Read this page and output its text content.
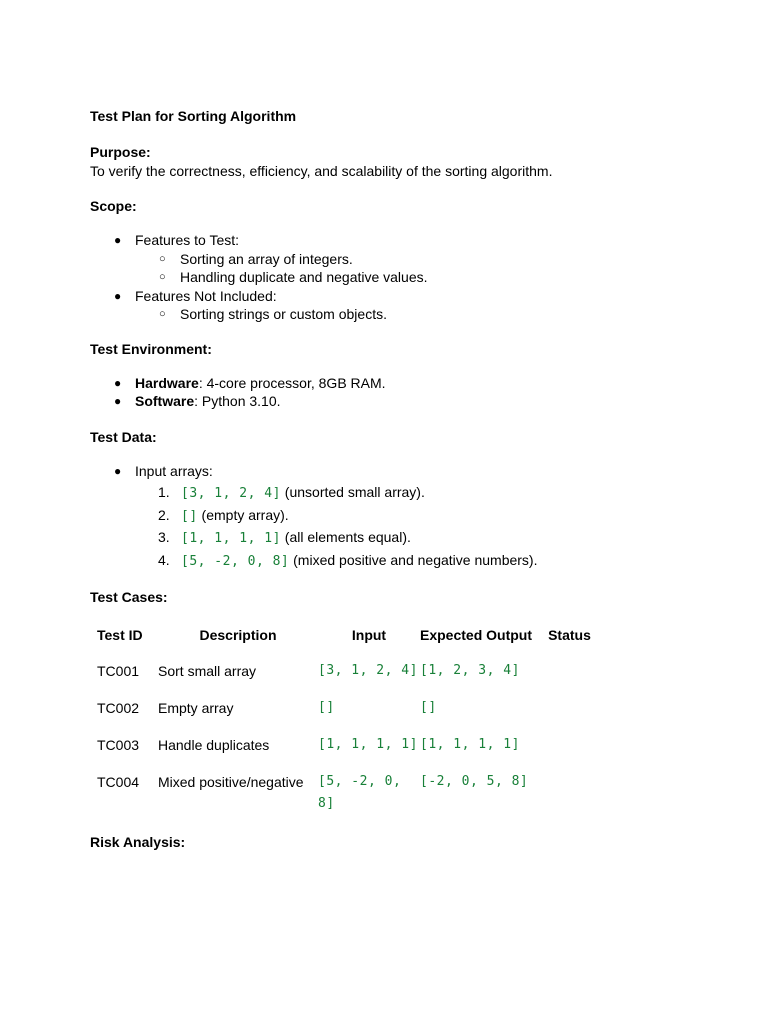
Test Plan for Sorting Algorithm
Purpose:
To verify the correctness, efficiency, and scalability of the sorting algorithm.
Scope:
● Features to Test:
○ Sorting an array of integers.
○ Handling duplicate and negative values.
● Features Not Included:
○ Sorting strings or custom objects.
Test Environment:
● Hardware: 4-core processor, 8GB RAM.
● Software: Python 3.10.
Test Data:
● Input arrays:
1. [3, 1, 2, 4] (unsorted small array).
2. [] (empty array).
3. [1, 1, 1, 1] (all elements equal).
4. [5, -2, 0, 8] (mixed positive and negative numbers).
Test Cases:
Test ID	Description	Input	Expected Output	Status
TC001	Sort small array	[3, 1, 2, 4]	[1, 2, 3, 4]	

TC002	Empty array	[]	[]	

TC003	Handle duplicates	[1, 1, 1, 1]	[1, 1, 1, 1]	

TC004	Mixed positive/negative	[5, -2, 0, 8]	[-2, 0, 5, 8]	

Risk Analysis:
